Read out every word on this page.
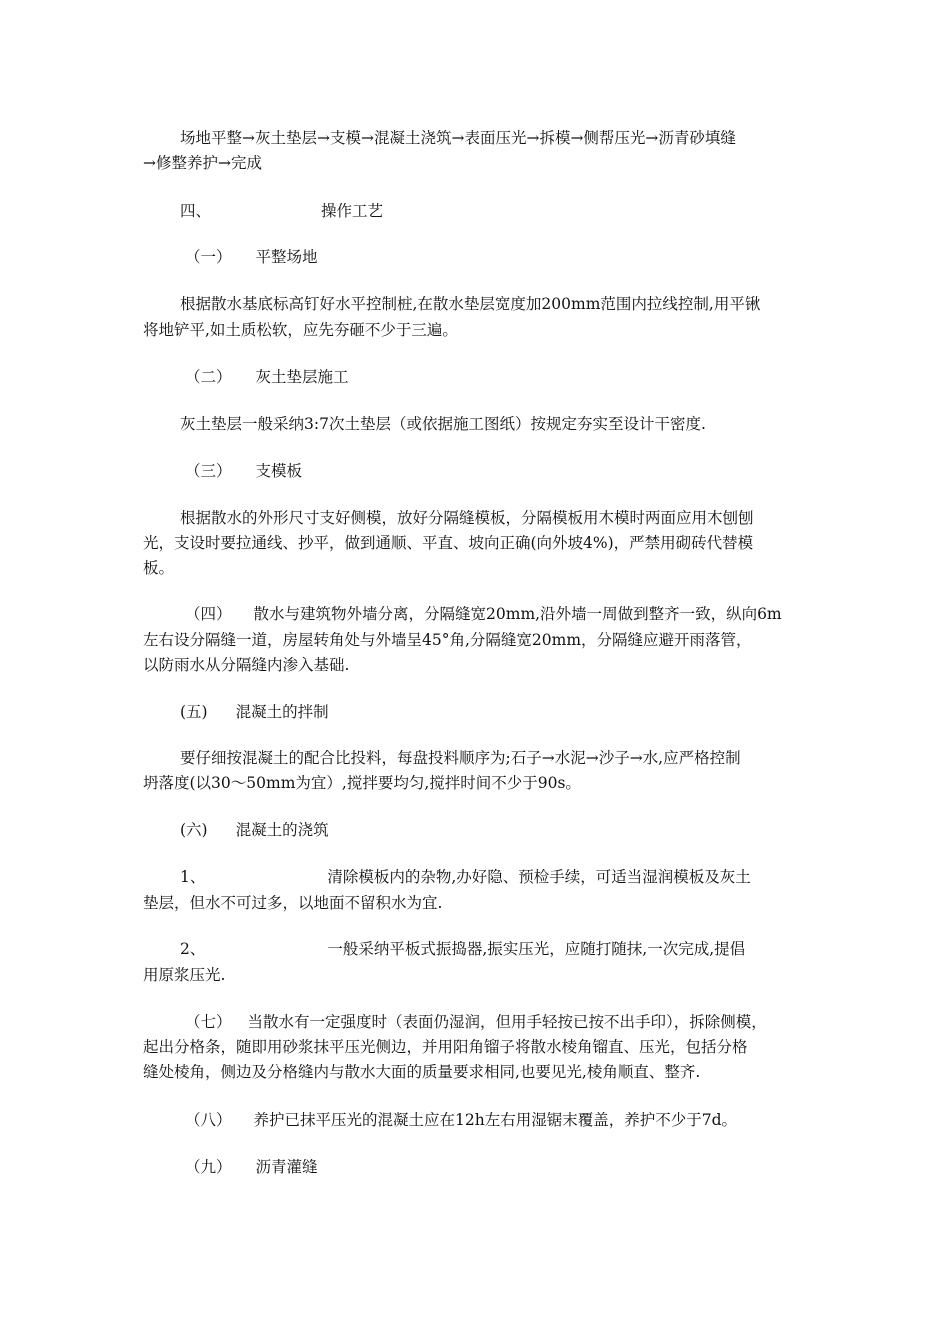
场地平整→灰土垫层→支模→混凝土浇筑→表面压光→拆模→侧帮压光→沥青砂填缝
→修整养护→完成
四、	操作工艺
（一） 平整场地
根据散水基底标高钉好水平控制桩,在散水垫层宽度加200mm范围内拉线控制,用平锹
将地铲平,如土质松软，应先夯砸不少于三遍。
（二） 灰土垫层施工
灰土垫层一般采纳3:7次土垫层（或依据施工图纸）按规定夯实至设计干密度.
（三） 支模板
根据散水的外形尺寸支好侧模，放好分隔缝模板，分隔模板用木模时两面应用木刨刨
光，支设时要拉通线、抄平，做到通顺、平直、坡向正确(向外坡4%)，严禁用砌砖代替模
板。
（四） 散水与建筑物外墙分离，分隔缝宽20mm,沿外墙一周做到整齐一致，纵向6m
左右设分隔缝一道，房屋转角处与外墙呈45°角,分隔缝宽20mm，分隔缝应避开雨落管，
以防雨水从分隔缝内渗入基础.
(五) 混凝土的拌制
要仔细按混凝土的配合比投料，每盘投料顺序为;石子→水泥→沙子→水,应严格控制
坍落度(以30～50mm为宜）,搅拌要均匀,搅拌时间不少于90s。
(六) 混凝土的浇筑
1、	清除模板内的杂物,办好隐、预检手续，可适当湿润模板及灰土
垫层，但水不可过多，以地面不留积水为宜.
2、	一般采纳平板式振捣器,振实压光，应随打随抹,一次完成,提倡
用原浆压光.
（七） 当散水有一定强度时（表面仍湿润，但用手轻按已按不出手印），拆除侧模，
起出分格条，随即用砂浆抹平压光侧边，并用阳角镏子将散水棱角镏直、压光，包括分格
缝处棱角，侧边及分格缝内与散水大面的质量要求相同,也要见光,棱角顺直、整齐.
（八） 养护已抹平压光的混凝土应在12h左右用湿锯末覆盖，养护不少于7d。
（九） 沥青灌缝
